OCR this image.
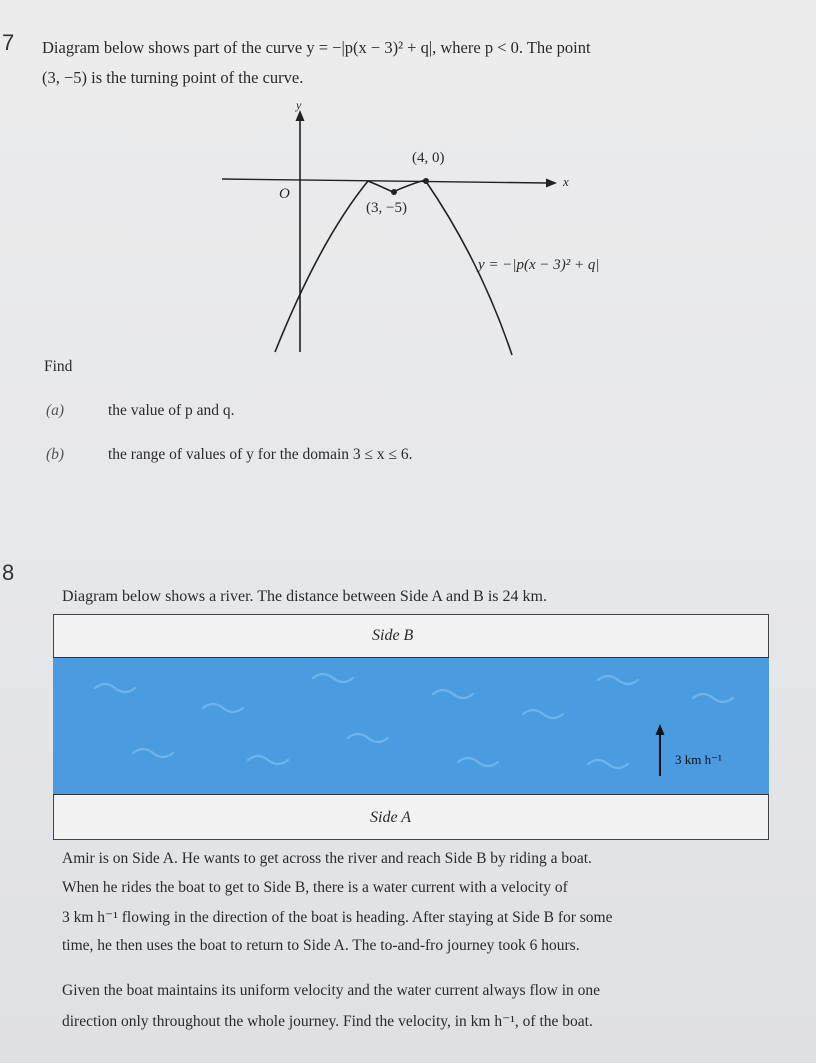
7 Diagram below shows part of the curve y = −|p(x − 3)² + q|, where p < 0. The point
(3, −5) is the turning point of the curve.
y
x
O
(4, 0)
(3, −5)
y = −|p(x − 3)² + q|
Find
(a)	the value of p and q.
(b)	the range of values of y for the domain 3 ≤ x ≤ 6.
8
Diagram below shows a river. The distance between Side A and B is 24 km.
Side B
3 km h⁻¹
Side A
Amir is on Side A. He wants to get across the river and reach Side B by riding a boat.
When he rides the boat to get to Side B, there is a water current with a velocity of
3 km h⁻¹ flowing in the direction of the boat is heading. After staying at Side B for some
time, he then uses the boat to return to Side A. The to-and-fro journey took 6 hours.
Given the boat maintains its uniform velocity and the water current always flow in one
direction only throughout the whole journey. Find the velocity, in km h⁻¹, of the boat.
